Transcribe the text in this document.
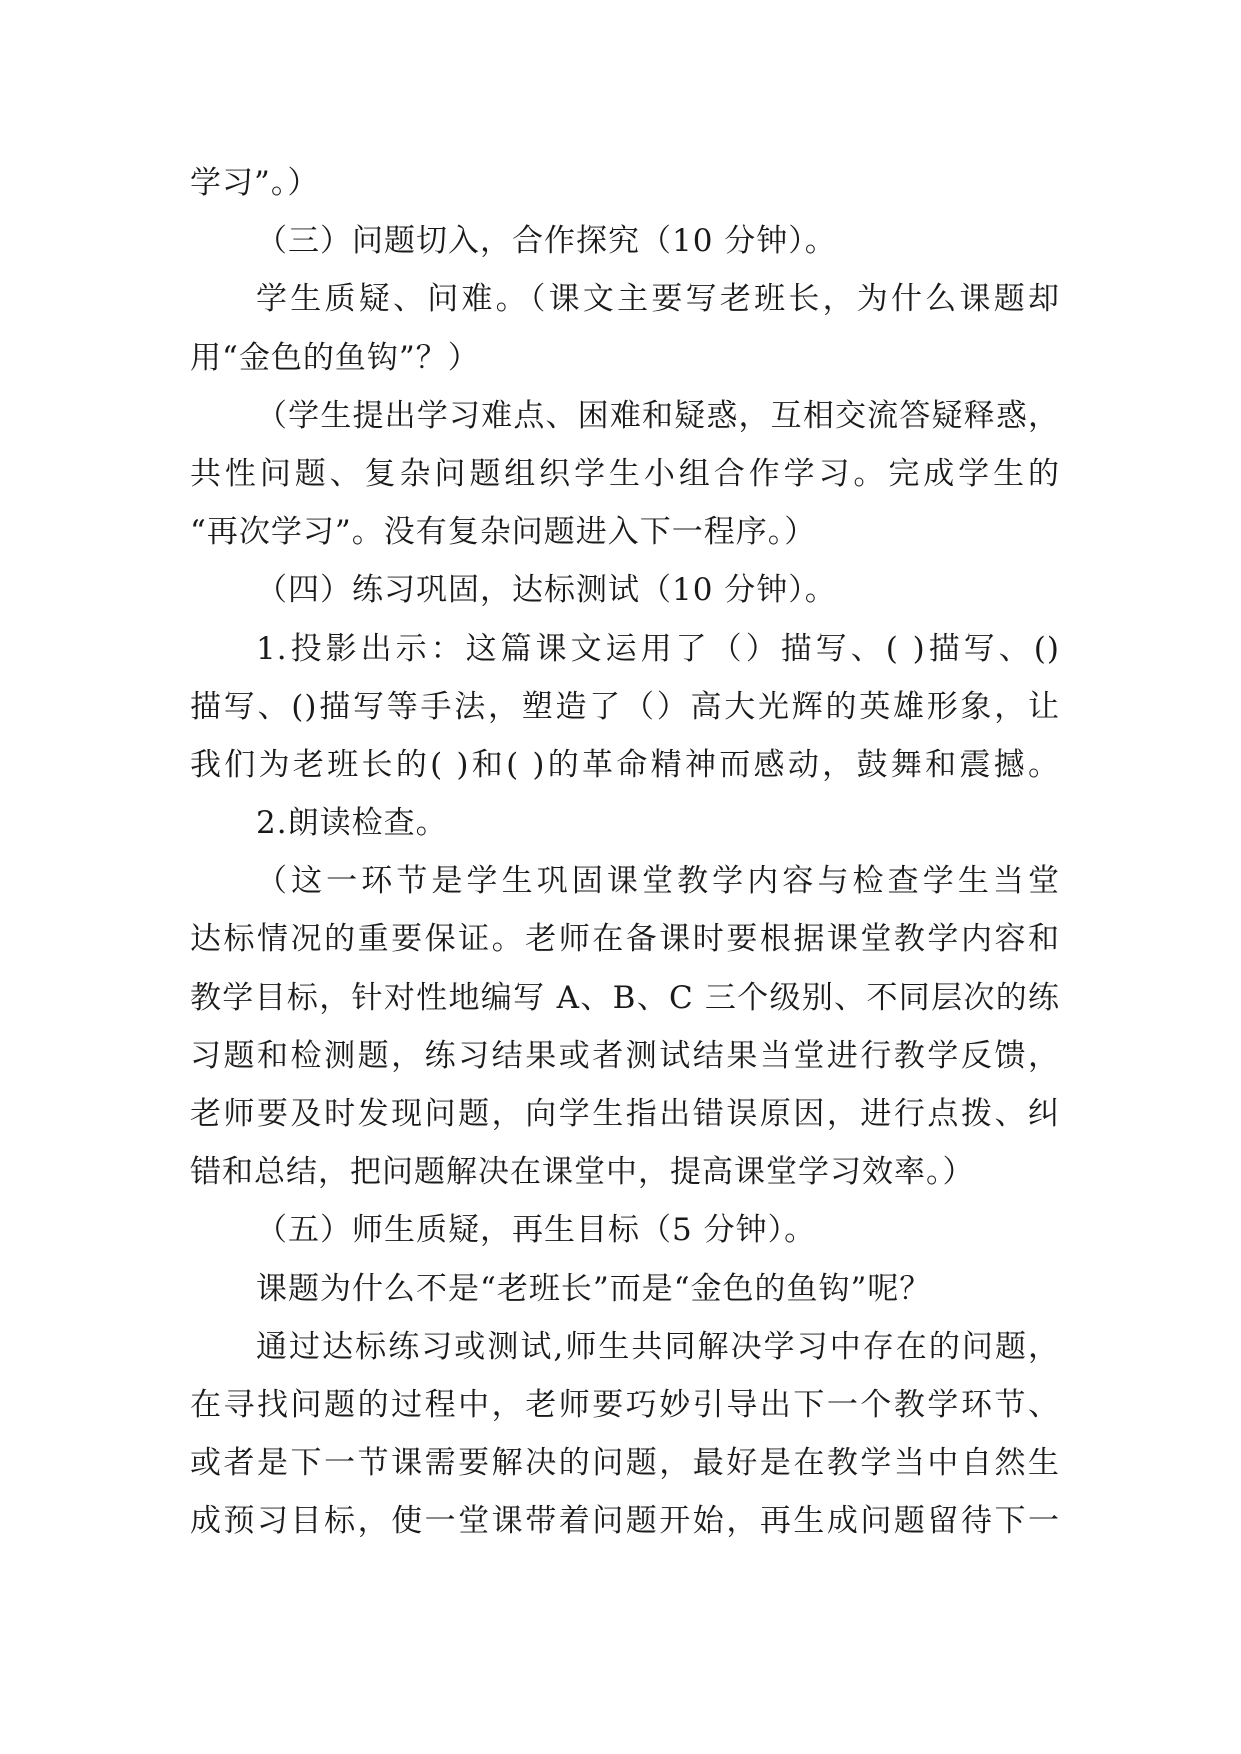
学习”。）
（三）问题切入，合作探究（10 分钟）。
学生质疑、问难。（课文主要写老班长，为什么课题却
用“金色的鱼钩”？）
（学生提出学习难点、困难和疑惑，互相交流答疑释惑，
共性问题、复杂问题组织学生小组合作学习。完成学生的
“再次学习”。没有复杂问题进入下一程序。）
（四）练习巩固，达标测试（10 分钟）。
1.投影出示：这篇课文运用了（）描写、( )描写、()
描写、()描写等手法，塑造了（）高大光辉的英雄形象，让
我们为老班长的( )和( )的革命精神而感动，鼓舞和震撼。
2.朗读检查。
（这一环节是学生巩固课堂教学内容与检查学生当堂
达标情况的重要保证。老师在备课时要根据课堂教学内容和
教学目标，针对性地编写 A、B、C 三个级别、不同层次的练
习题和检测题，练习结果或者测试结果当堂进行教学反馈，
老师要及时发现问题，向学生指出错误原因，进行点拨、纠
错和总结，把问题解决在课堂中，提高课堂学习效率。）
（五）师生质疑，再生目标（5 分钟）。
课题为什么不是“老班长”而是“金色的鱼钩”呢？
通过达标练习或测试,师生共同解决学习中存在的问题，
在寻找问题的过程中，老师要巧妙引导出下一个教学环节、
或者是下一节课需要解决的问题，最好是在教学当中自然生
成预习目标，使一堂课带着问题开始，再生成问题留待下一
